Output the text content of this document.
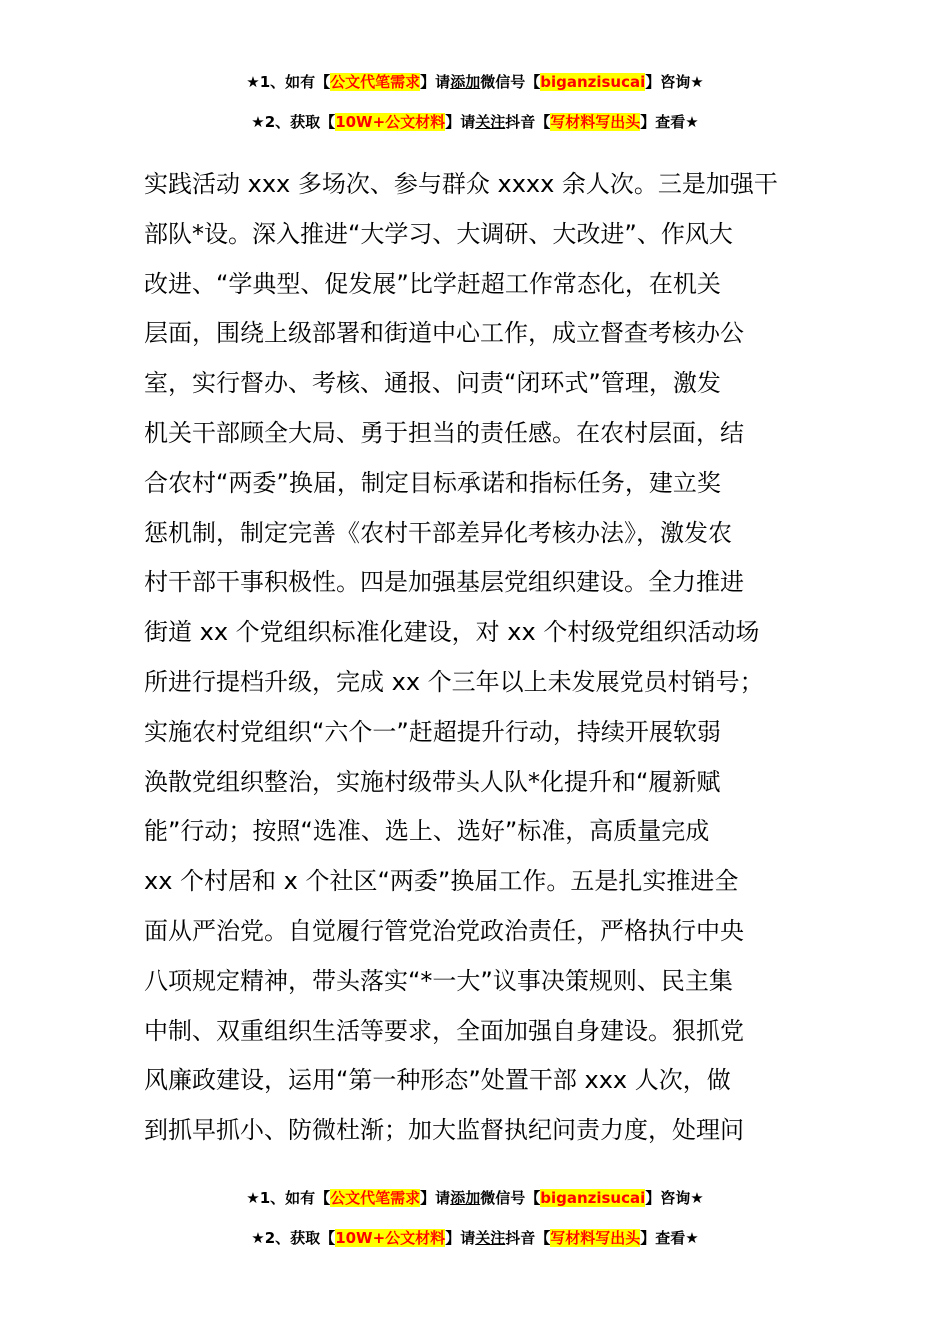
★1、如有【公文代笔需求】请添加微信号【biganzisucai】咨询★
★2、获取【10W+公文材料】请关注抖音【写材料写出头】查看★
实践活动 xxx 多场次、参与群众 xxxx 余人次。三是加强干
部队*设。深入推进“大学习、大调研、大改进”、作风大
改进、“学典型、促发展”比学赶超工作常态化，在机关
层面，围绕上级部署和街道中心工作，成立督查考核办公
室，实行督办、考核、通报、问责“闭环式”管理，激发
机关干部顾全大局、勇于担当的责任感。在农村层面，结
合农村“两委”换届，制定目标承诺和指标任务，建立奖
惩机制，制定完善《农村干部差异化考核办法》，激发农
村干部干事积极性。四是加强基层党组织建设。全力推进
街道 xx 个党组织标准化建设，对 xx 个村级党组织活动场
所进行提档升级，完成 xx 个三年以上未发展党员村销号；
实施农村党组织“六个一”赶超提升行动，持续开展软弱
涣散党组织整治，实施村级带头人队*化提升和“履新赋
能”行动；按照“选准、选上、选好”标准，高质量完成
xx 个村居和 x 个社区“两委”换届工作。五是扎实推进全
面从严治党。自觉履行管党治党政治责任，严格执行中央
八项规定精神，带头落实“*一大”议事决策规则、民主集
中制、双重组织生活等要求，全面加强自身建设。狠抓党
风廉政建设，运用“第一种形态”处置干部 xxx 人次，做
到抓早抓小、防微杜渐；加大监督执纪问责力度，处理问
★1、如有【公文代笔需求】请添加微信号【biganzisucai】咨询★
★2、获取【10W+公文材料】请关注抖音【写材料写出头】查看★
